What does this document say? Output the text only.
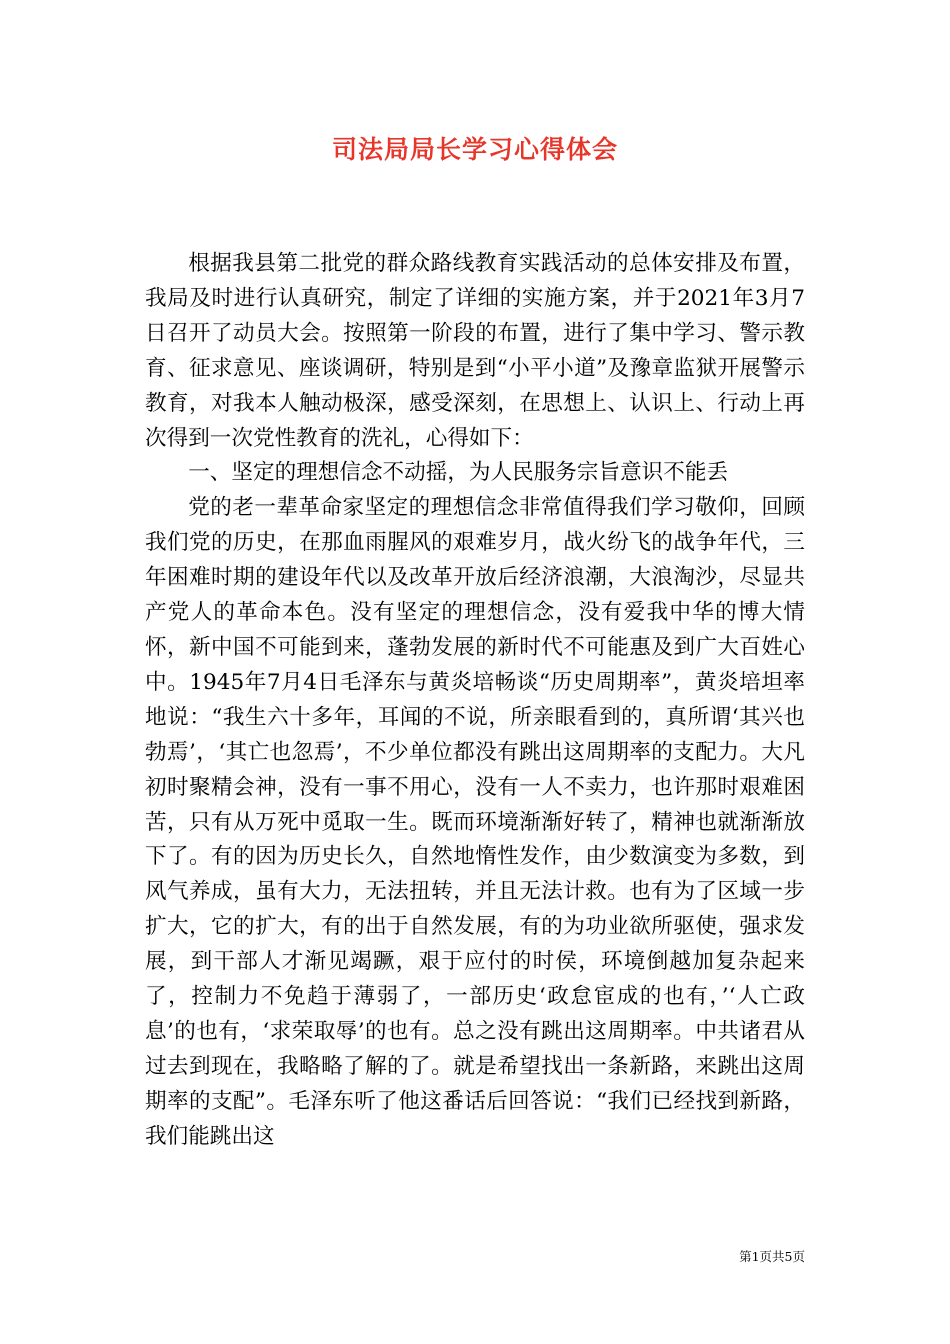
司法局局长学习心得体会

根据我县第二批党的群众路线教育实践活动的总体安排及布置，我局及时进行认真研究，制定了详细的实施方案，并于2021年3月7日召开了动员大会。按照第一阶段的布置，进行了集中学习、警示教育、征求意见、座谈调研，特别是到“小平小道”及豫章监狱开展警示教育，对我本人触动极深，感受深刻，在思想上、认识上、行动上再次得到一次党性教育的洗礼，心得如下：

一、坚定的理想信念不动摇，为人民服务宗旨意识不能丢

党的老一辈革命家坚定的理想信念非常值得我们学习敬仰，回顾我们党的历史，在那血雨腥风的艰难岁月，战火纷飞的战争年代，三年困难时期的建设年代以及改革开放后经济浪潮，大浪淘沙，尽显共产党人的革命本色。没有坚定的理想信念，没有爱我中华的博大情怀，新中国不可能到来，蓬勃发展的新时代不可能惠及到广大百姓心中。1945年7月4日毛泽东与黄炎培畅谈“历史周期率”，黄炎培坦率地说：“我生六十多年，耳闻的不说，所亲眼看到的，真所谓‘其兴也勃焉’，‘其亡也忽焉’，不少单位都没有跳出这周期率的支配力。大凡初时聚精会神，没有一事不用心，没有一人不卖力，也许那时艰难困苦，只有从万死中觅取一生。既而环境渐渐好转了，精神也就渐渐放下了。有的因为历史长久，自然地惰性发作，由少数演变为多数，到风气养成，虽有大力，无法扭转，并且无法计救。也有为了区域一步扩大，它的扩大，有的出于自然发展，有的为功业欲所驱使，强求发展，到干部人才渐见竭蹶，艰于应付的时侯，环境倒越加复杂起来了，控制力不免趋于薄弱了，一部历史‘政怠宦成的也有，’‘人亡政息’的也有，‘求荣取辱’的也有。总之没有跳出这周期率。中共诸君从过去到现在，我略略了解的了。就是希望找出一条新路，来跳出这周期率的支配”。毛泽东听了他这番话后回答说：“我们已经找到新路，我们能跳出这

第1页共5页
